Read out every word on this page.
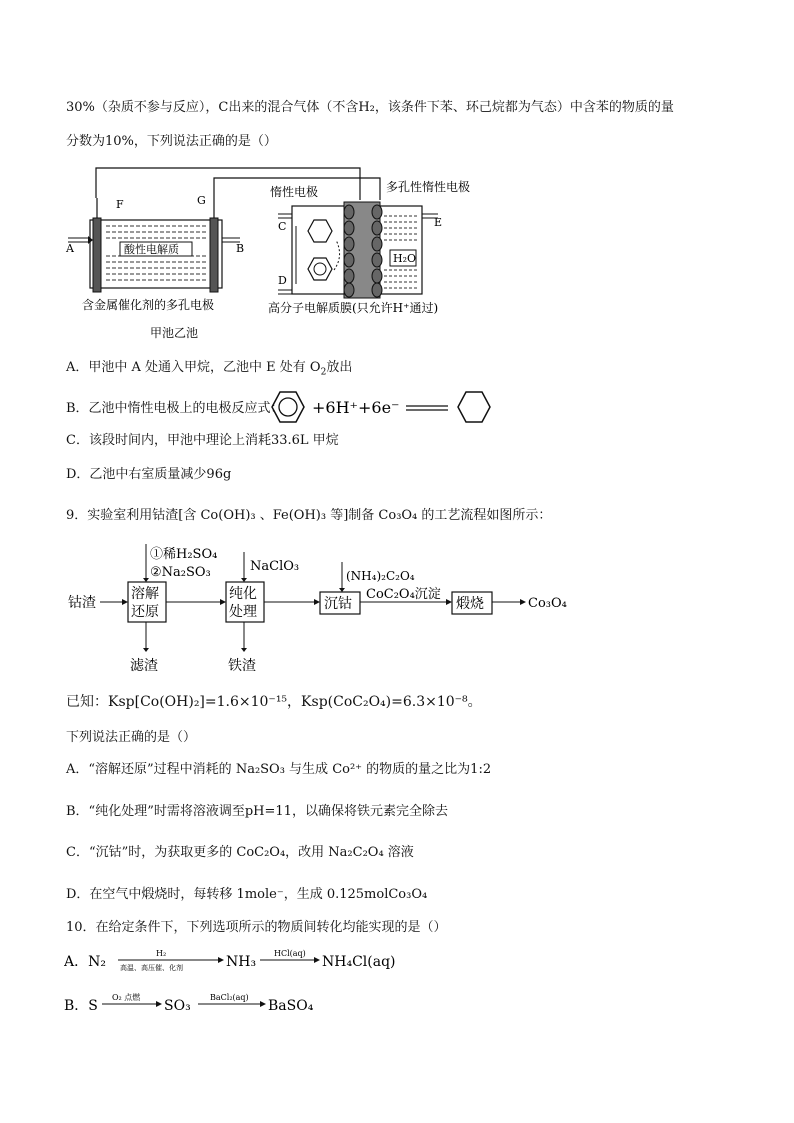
30%（杂质不参与反应），C出来的混合气体（不含H₂，该条件下苯、环己烷都为气态）中含苯的物质的量
分数为10%，下列说法正确的是（）
F	G
酸性电解质
A	B
含金属催化剂的多孔电极
甲池乙池
惰性电极	多孔性惰性电极
H₂O
C
D
E
高分子电解质膜(只允许H⁺通过)
A．甲池中 A 处通入甲烷，乙池中 E 处有 $O_2$放出
B．乙池中惰性电极上的电极反应式： +6H⁺+6e⁻
C．该段时间内，甲池中理论上消耗33.6L 甲烷
D．乙池中右室质量减少96g
9．实验室利用钴渣[含 Co(OH)₃ 、Fe(OH)₃ 等]制备 Co₃O₄ 的工艺流程如图所示：
钴渣
溶解
还原
①稀H₂SO₄
②Na₂SO₃
滤渣
纯化
处理
NaClO₃
铁渣
沉钴
(NH₄)₂C₂O₄
CoC₂O₄沉淀
煅烧	Co₃O₄
已知：Ksp[Co(OH)₂]=1.6×10⁻¹⁵，Ksp(CoC₂O₄)=6.3×10⁻⁸。
下列说法正确的是（）
A．“溶解还原”过程中消耗的 Na₂SO₃ 与生成 Co²⁺ 的物质的量之比为1:2
B．“纯化处理”时需将溶液调至pH=11，以确保将铁元素完全除去
C．“沉钴”时，为获取更多的 CoC₂O₄，改用 Na₂C₂O₄ 溶液
D．在空气中煅烧时，每转移 1mole⁻，生成 0.125molCo₃O₄
10．在给定条件下，下列选项所示的物质间转化均能实现的是（）
A．N₂
H₂
高温、高压催、化剂	NH₃
HCl(aq)
NH₄Cl(aq)
B．S
O₂ 点燃
SO₃
BaCl₂(aq)
BaSO₄
